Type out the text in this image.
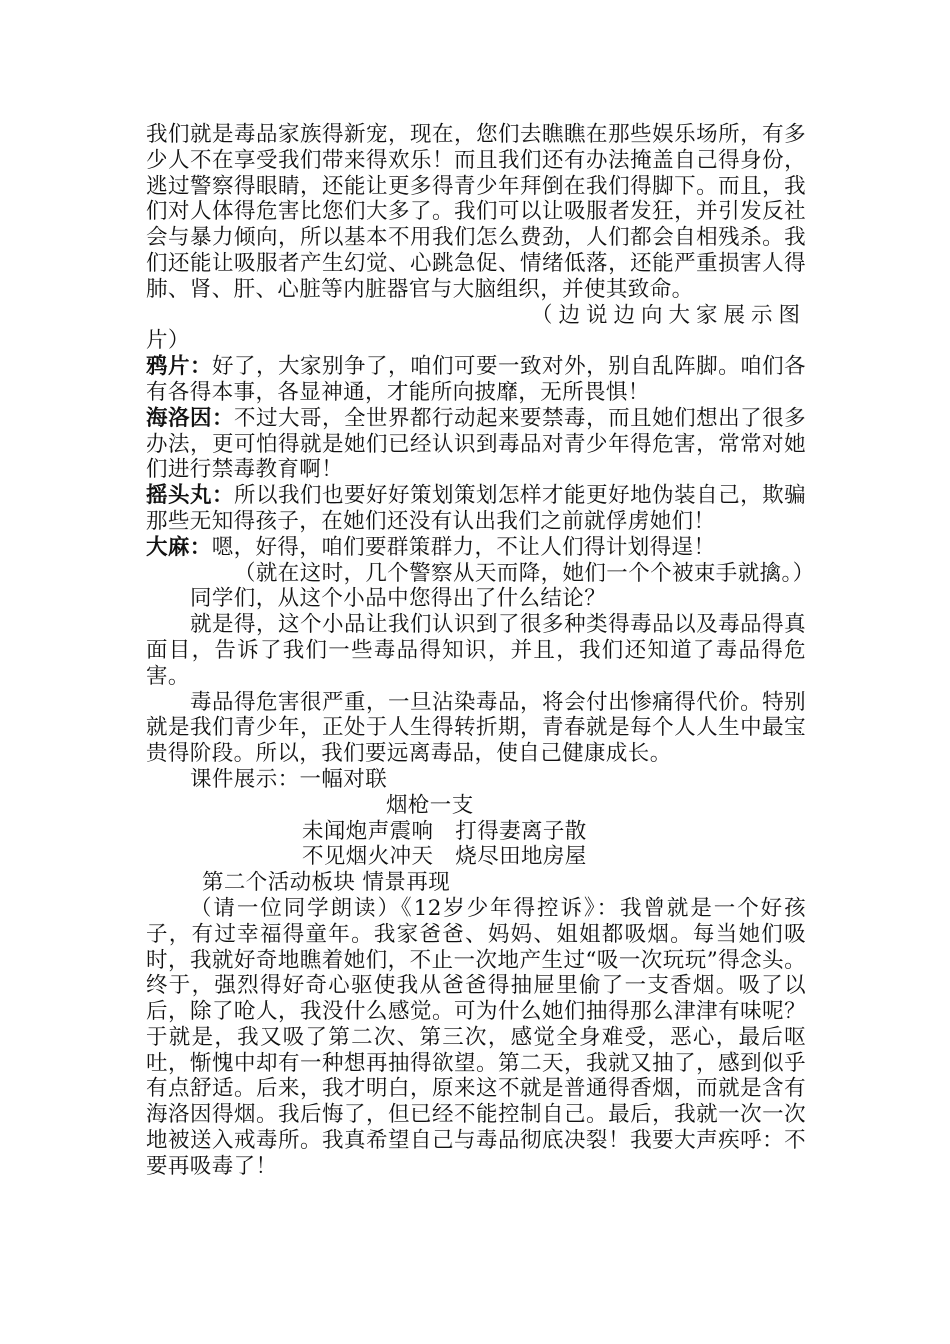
我们就是毒品家族得新宠，现在，您们去瞧瞧在那些娱乐场所，有多少人不在享受我们带来得欢乐！而且我们还有办法掩盖自己得身份，逃过警察得眼睛，还能让更多得青少年拜倒在我们得脚下。而且，我们对人体得危害比您们大多了。我们可以让吸服者发狂，并引发反社会与暴力倾向，所以基本不用我们怎么费劲，人们都会自相残杀。我们还能让吸服者产生幻觉、心跳急促、情绪低落，还能严重损害人得肺、肾、肝、心脏等内脏器官与大脑组织，并使其致命。

（边说边向大家展示图

片）

鸦片：好了，大家别争了，咱们可要一致对外，别自乱阵脚。咱们各有各得本事，各显神通，才能所向披靡，无所畏惧！

海洛因：不过大哥，全世界都行动起来要禁毒，而且她们想出了很多办法，更可怕得就是她们已经认识到毒品对青少年得危害，常常对她们进行禁毒教育啊！

摇头丸：所以我们也要好好策划策划怎样才能更好地伪装自己，欺骗那些无知得孩子，在她们还没有认出我们之前就俘虏她们！

大麻：嗯，好得，咱们要群策群力，不让人们得计划得逞！

（就在这时，几个警察从天而降，她们一个个被束手就擒。）

同学们，从这个小品中您得出了什么结论？

就是得，这个小品让我们认识到了很多种类得毒品以及毒品得真面目，告诉了我们一些毒品得知识，并且，我们还知道了毒品得危害。

毒品得危害很严重，一旦沾染毒品，将会付出惨痛得代价。特别就是我们青少年，正处于人生得转折期，青春就是每个人人生中最宝贵得阶段。所以，我们要远离毒品，使自己健康成长。

课件展示：一幅对联

烟枪一支

未闻炮声震响　打得妻离子散

不见烟火冲天　烧尽田地房屋

第二个活动板块 情景再现

（请一位同学朗读）《12岁少年得控诉》：我曾就是一个好孩子，有过幸福得童年。我家爸爸、妈妈、姐姐都吸烟。每当她们吸时，我就好奇地瞧着她们，不止一次地产生过“吸一次玩玩”得念头。终于，强烈得好奇心驱使我从爸爸得抽屉里偷了一支香烟。吸了以后，除了呛人，我没什么感觉。可为什么她们抽得那么津津有味呢？于就是，我又吸了第二次、第三次，感觉全身难受，恶心，最后呕吐，惭愧中却有一种想再抽得欲望。第二天，我就又抽了，感到似乎有点舒适。后来，我才明白，原来这不就是普通得香烟，而就是含有海洛因得烟。我后悔了，但已经不能控制自己。最后，我就一次一次地被送入戒毒所。我真希望自己与毒品彻底决裂！我要大声疾呼：不要再吸毒了！
